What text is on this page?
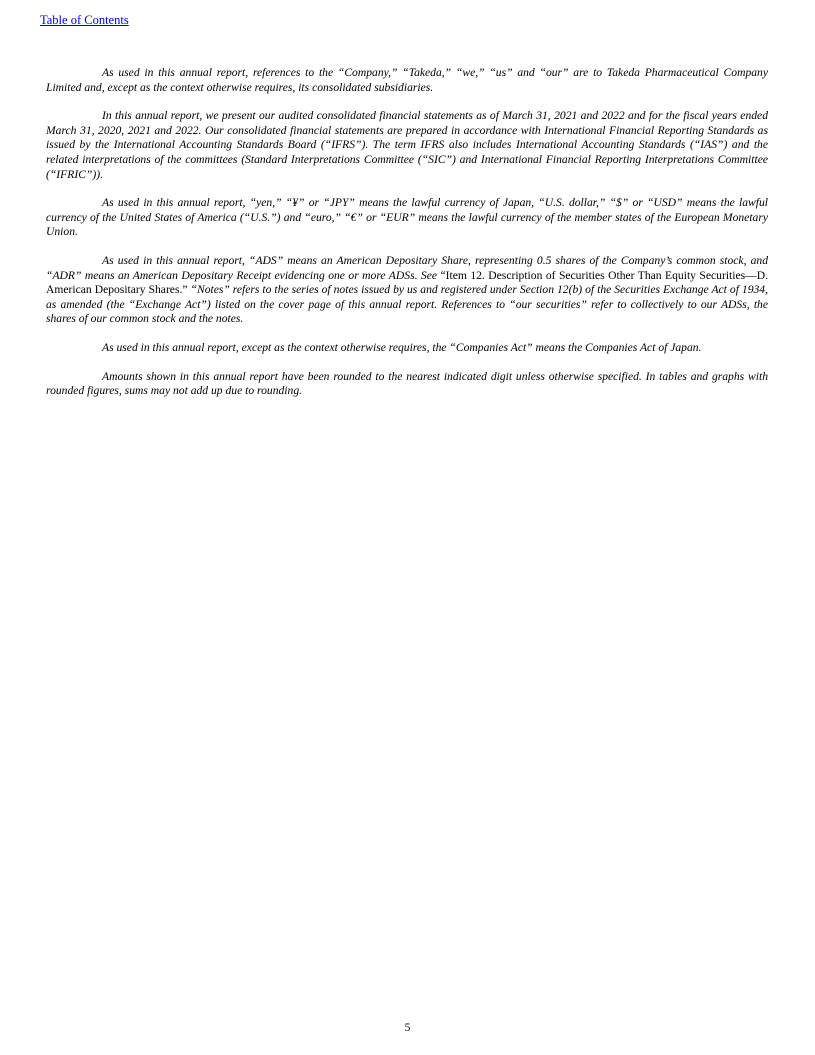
Table of Contents

As used in this annual report, references to the “Company,” “Takeda,” “we,” “us” and “our” are to Takeda Pharmaceutical Company Limited and, except as the context otherwise requires, its consolidated subsidiaries.

In this annual report, we present our audited consolidated financial statements as of March 31, 2021 and 2022 and for the fiscal years ended March 31, 2020, 2021 and 2022. Our consolidated financial statements are prepared in accordance with International Financial Reporting Standards as issued by the International Accounting Standards Board (“IFRS”). The term IFRS also includes International Accounting Standards (“IAS”) and the related interpretations of the committees (Standard Interpretations Committee (“SIC”) and International Financial Reporting Interpretations Committee (“IFRIC”)).

As used in this annual report, “yen,” “¥” or “JPY” means the lawful currency of Japan, “U.S. dollar,” “$” or “USD” means the lawful currency of the United States of America (“U.S.”) and “euro,” “€” or “EUR” means the lawful currency of the member states of the European Monetary Union.

As used in this annual report, “ADS” means an American Depositary Share, representing 0.5 shares of the Company’s common stock, and “ADR” means an American Depositary Receipt evidencing one or more ADSs. See “Item 12. Description of Securities Other Than Equity Securities—D. American Depositary Shares.” “Notes” refers to the series of notes issued by us and registered under Section 12(b) of the Securities Exchange Act of 1934, as amended (the “Exchange Act”) listed on the cover page of this annual report. References to “our securities” refer to collectively to our ADSs, the shares of our common stock and the notes.

As used in this annual report, except as the context otherwise requires, the “Companies Act” means the Companies Act of Japan.

Amounts shown in this annual report have been rounded to the nearest indicated digit unless otherwise specified. In tables and graphs with rounded figures, sums may not add up due to rounding.

5
